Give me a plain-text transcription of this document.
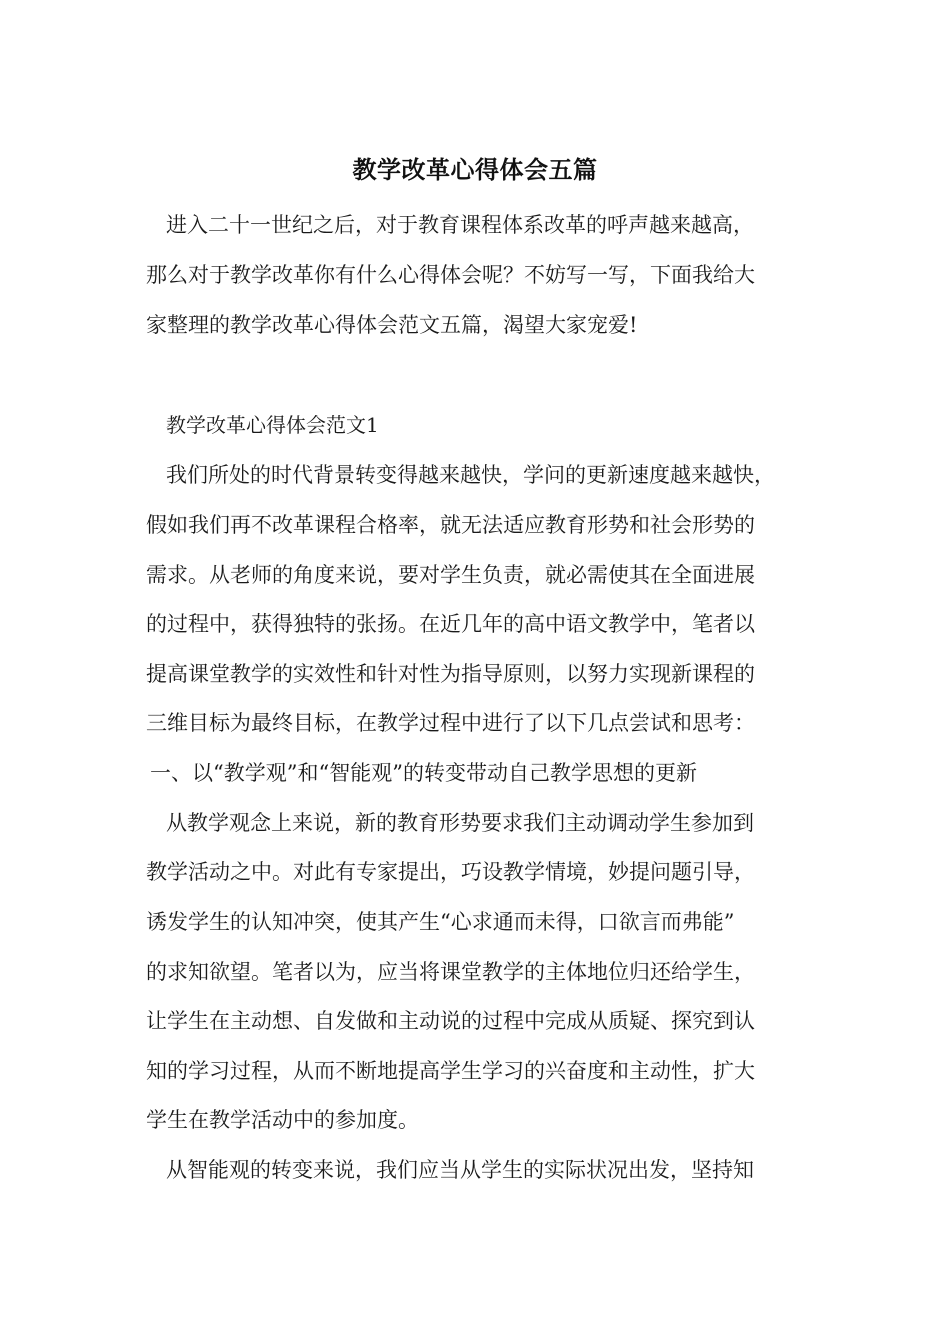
教学改革心得体会五篇
进入二十一世纪之后，对于教育课程体系改革的呼声越来越高，
那么对于教学改革你有什么心得体会呢？不妨写一写，下面我给大
家整理的教学改革心得体会范文五篇，渴望大家宠爱!
教学改革心得体会范文1
我们所处的时代背景转变得越来越快，学问的更新速度越来越快，
假如我们再不改革课程合格率，就无法适应教育形势和社会形势的
需求。从老师的角度来说，要对学生负责，就必需使其在全面进展
的过程中，获得独特的张扬。在近几年的高中语文教学中，笔者以
提高课堂教学的实效性和针对性为指导原则，以努力实现新课程的
三维目标为最终目标，在教学过程中进行了以下几点尝试和思考：
一、以“教学观”和“智能观”的转变带动自己教学思想的更新
从教学观念上来说，新的教育形势要求我们主动调动学生参加到
教学活动之中。对此有专家提出，巧设教学情境，妙提问题引导，
诱发学生的认知冲突，使其产生“心求通而未得，口欲言而弗能”
的求知欲望。笔者以为，应当将课堂教学的主体地位归还给学生，
让学生在主动想、自发做和主动说的过程中完成从质疑、探究到认
知的学习过程，从而不断地提高学生学习的兴奋度和主动性，扩大
学生在教学活动中的参加度。
从智能观的转变来说，我们应当从学生的实际状况出发，坚持知
